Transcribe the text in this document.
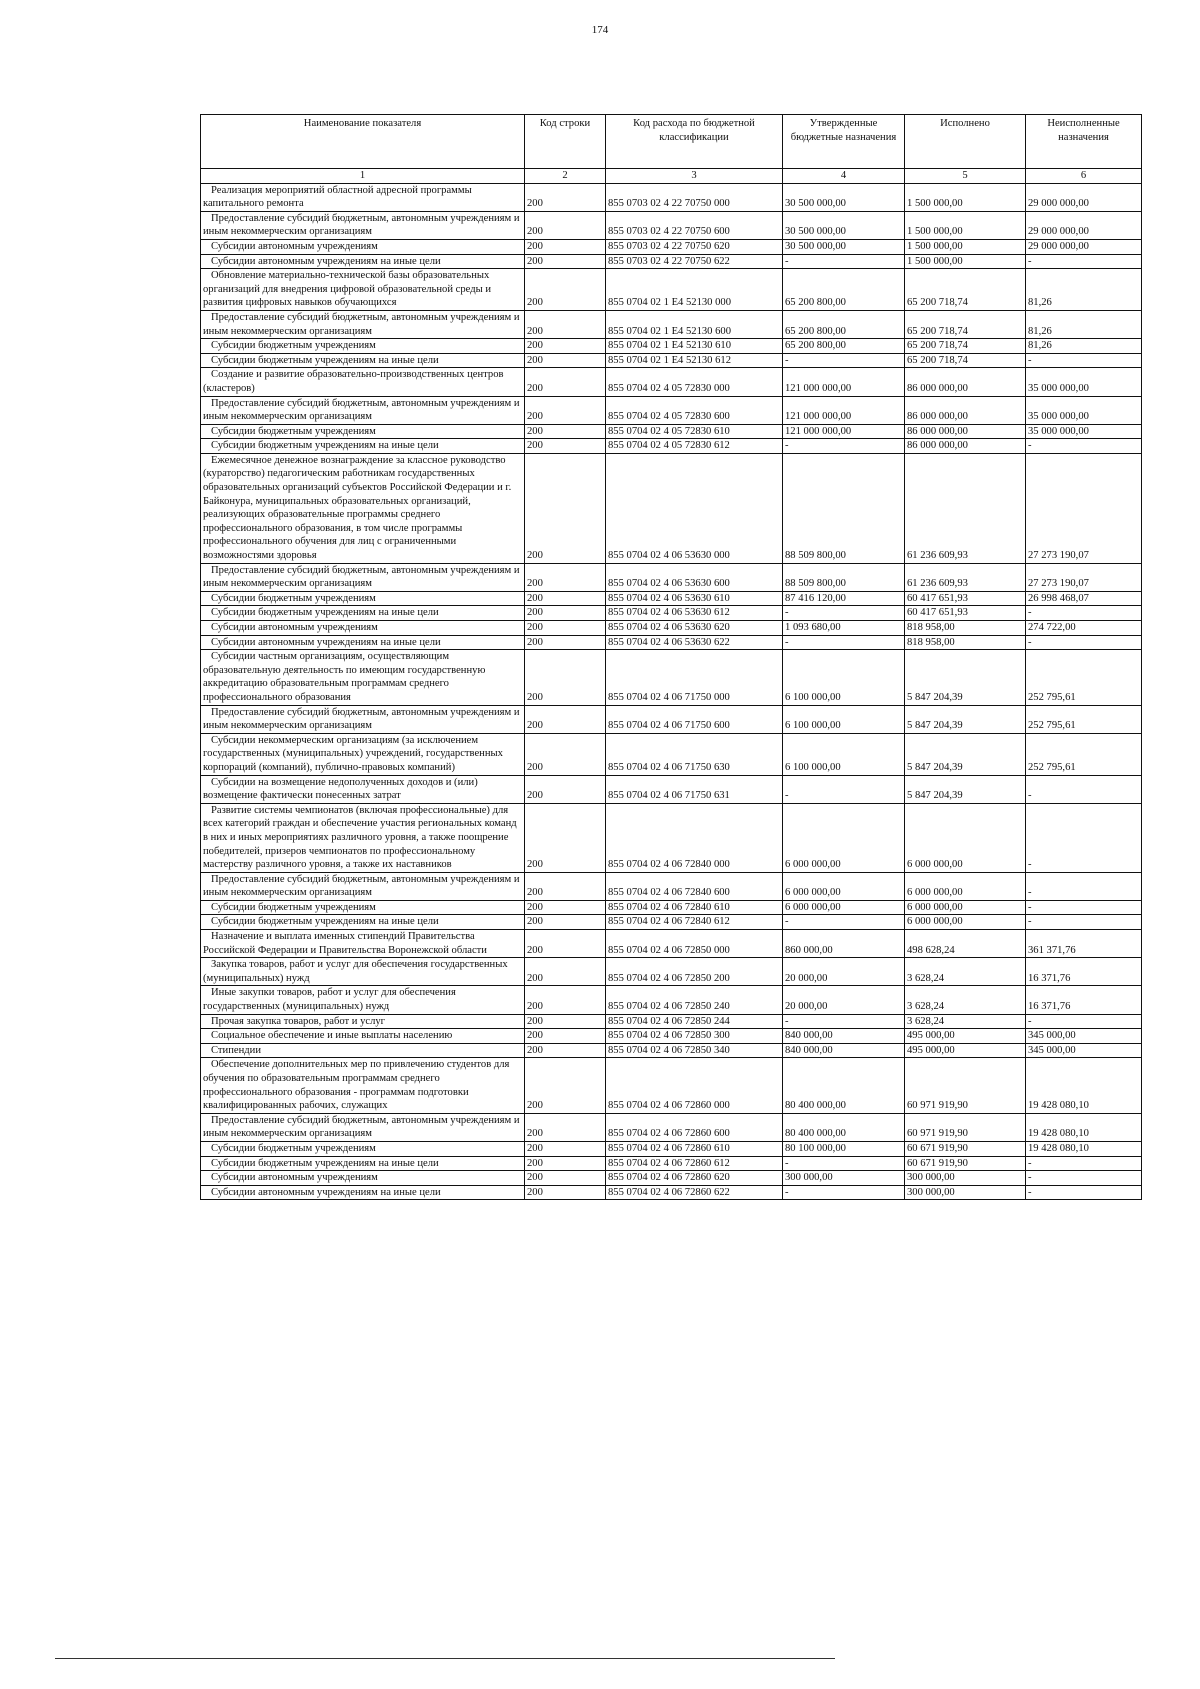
174
Наименование показателя	Код строки	Код расхода по бюджетной классификации	Утвержденные бюджетные назначения	Исполнено	Неисполненные назначения
1	2	3	4	5	6
Реализация мероприятий областной адресной программы капитального ремонта	200	855 0703 02 4 22 70750 000	30 500 000,00	1 500 000,00	29 000 000,00
Предоставление субсидий бюджетным, автономным учреждениям и иным некоммерческим организациям	200	855 0703 02 4 22 70750 600	30 500 000,00	1 500 000,00	29 000 000,00
Субсидии автономным учреждениям	200	855 0703 02 4 22 70750 620	30 500 000,00	1 500 000,00	29 000 000,00
Субсидии автономным учреждениям на иные цели	200	855 0703 02 4 22 70750 622	-	1 500 000,00	-
Обновление материально-технической базы образовательных организаций для внедрения цифровой образовательной среды и развития цифровых навыков обучающихся	200	855 0704 02 1 E4 52130 000	65 200 800,00	65 200 718,74	81,26
Предоставление субсидий бюджетным, автономным учреждениям и иным некоммерческим организациям	200	855 0704 02 1 E4 52130 600	65 200 800,00	65 200 718,74	81,26
Субсидии бюджетным учреждениям	200	855 0704 02 1 E4 52130 610	65 200 800,00	65 200 718,74	81,26
Субсидии бюджетным учреждениям на иные цели	200	855 0704 02 1 E4 52130 612	-	65 200 718,74	-
Создание и развитие образовательно-производственных центров (кластеров)	200	855 0704 02 4 05 72830 000	121 000 000,00	86 000 000,00	35 000 000,00
Предоставление субсидий бюджетным, автономным учреждениям и иным некоммерческим организациям	200	855 0704 02 4 05 72830 600	121 000 000,00	86 000 000,00	35 000 000,00
Субсидии бюджетным учреждениям	200	855 0704 02 4 05 72830 610	121 000 000,00	86 000 000,00	35 000 000,00
Субсидии бюджетным учреждениям на иные цели	200	855 0704 02 4 05 72830 612	-	86 000 000,00	-
Ежемесячное денежное вознаграждение за классное руководство (кураторство) педагогическим работникам государственных образовательных организаций субъектов Российской Федерации и г. Байконура, муниципальных образовательных организаций, реализующих образовательные программы среднего профессионального образования, в том числе программы профессионального обучения для лиц с ограниченными возможностями здоровья	200	855 0704 02 4 06 53630 000	88 509 800,00	61 236 609,93	27 273 190,07
Предоставление субсидий бюджетным, автономным учреждениям и иным некоммерческим организациям	200	855 0704 02 4 06 53630 600	88 509 800,00	61 236 609,93	27 273 190,07
Субсидии бюджетным учреждениям	200	855 0704 02 4 06 53630 610	87 416 120,00	60 417 651,93	26 998 468,07
Субсидии бюджетным учреждениям на иные цели	200	855 0704 02 4 06 53630 612	-	60 417 651,93	-
Субсидии автономным учреждениям	200	855 0704 02 4 06 53630 620	1 093 680,00	818 958,00	274 722,00
Субсидии автономным учреждениям на иные цели	200	855 0704 02 4 06 53630 622	-	818 958,00	-
Субсидии частным организациям, осуществляющим образовательную деятельность по имеющим государственную аккредитацию образовательным программам среднего профессионального образования	200	855 0704 02 4 06 71750 000	6 100 000,00	5 847 204,39	252 795,61
Предоставление субсидий бюджетным, автономным учреждениям и иным некоммерческим организациям	200	855 0704 02 4 06 71750 600	6 100 000,00	5 847 204,39	252 795,61
Субсидии некоммерческим организациям (за исключением государственных (муниципальных) учреждений, государственных корпораций (компаний), публично-правовых компаний)	200	855 0704 02 4 06 71750 630	6 100 000,00	5 847 204,39	252 795,61
Субсидии на возмещение недополученных доходов и (или) возмещение фактически понесенных затрат	200	855 0704 02 4 06 71750 631	-	5 847 204,39	-
Развитие системы чемпионатов (включая профессиональные) для всех категорий граждан и обеспечение участия региональных команд в них и иных мероприятиях различного уровня, а также поощрение победителей, призеров чемпионатов по профессиональному мастерству различного уровня, а также их наставников	200	855 0704 02 4 06 72840 000	6 000 000,00	6 000 000,00	-
Предоставление субсидий бюджетным, автономным учреждениям и иным некоммерческим организациям	200	855 0704 02 4 06 72840 600	6 000 000,00	6 000 000,00	-
Субсидии бюджетным учреждениям	200	855 0704 02 4 06 72840 610	6 000 000,00	6 000 000,00	-
Субсидии бюджетным учреждениям на иные цели	200	855 0704 02 4 06 72840 612	-	6 000 000,00	-
Назначение и выплата именных стипендий Правительства Российской Федерации и Правительства Воронежской области	200	855 0704 02 4 06 72850 000	860 000,00	498 628,24	361 371,76
Закупка товаров, работ и услуг для обеспечения государственных (муниципальных) нужд	200	855 0704 02 4 06 72850 200	20 000,00	3 628,24	16 371,76
Иные закупки товаров, работ и услуг для обеспечения государственных (муниципальных) нужд	200	855 0704 02 4 06 72850 240	20 000,00	3 628,24	16 371,76
Прочая закупка товаров, работ и услуг	200	855 0704 02 4 06 72850 244	-	3 628,24	-
Социальное обеспечение и иные выплаты населению	200	855 0704 02 4 06 72850 300	840 000,00	495 000,00	345 000,00
Стипендии	200	855 0704 02 4 06 72850 340	840 000,00	495 000,00	345 000,00
Обеспечение дополнительных мер по привлечению студентов для обучения по образовательным программам среднего профессионального образования - программам подготовки квалифицированных рабочих, служащих	200	855 0704 02 4 06 72860 000	80 400 000,00	60 971 919,90	19 428 080,10
Предоставление субсидий бюджетным, автономным учреждениям и иным некоммерческим организациям	200	855 0704 02 4 06 72860 600	80 400 000,00	60 971 919,90	19 428 080,10
Субсидии бюджетным учреждениям	200	855 0704 02 4 06 72860 610	80 100 000,00	60 671 919,90	19 428 080,10
Субсидии бюджетным учреждениям на иные цели	200	855 0704 02 4 06 72860 612	-	60 671 919,90	-
Субсидии автономным учреждениям	200	855 0704 02 4 06 72860 620	300 000,00	300 000,00	-
Субсидии автономным учреждениям на иные цели	200	855 0704 02 4 06 72860 622	-	300 000,00	-
